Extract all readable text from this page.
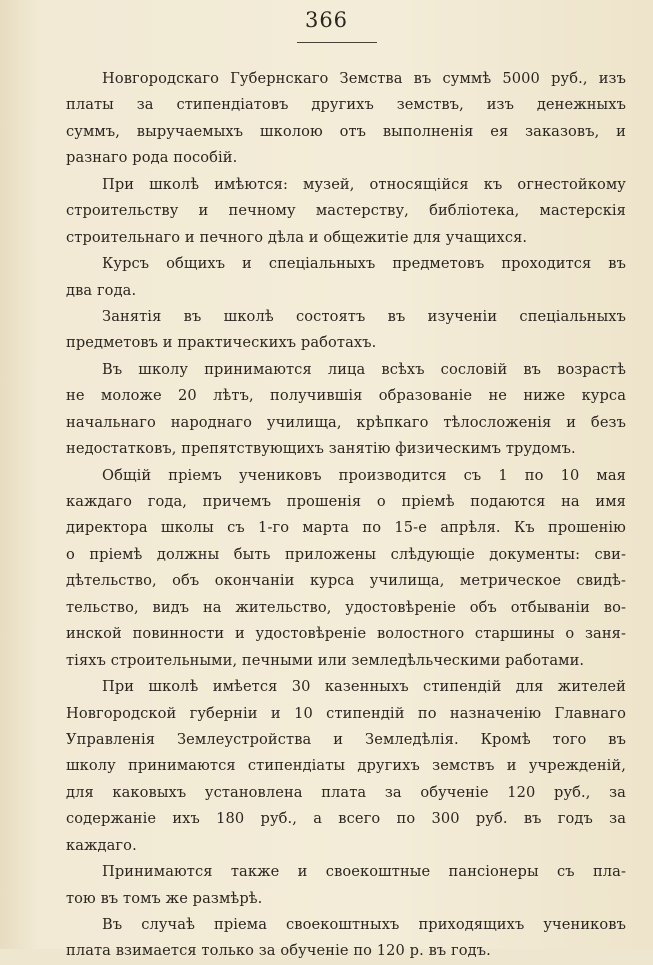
366
Новгородскаго Губернскаго Земства въ суммѣ 5000 руб., изъ
платы за стипендіатовъ другихъ земствъ, изъ денежныхъ
суммъ, выручаемыхъ школою отъ выполненія ея заказовъ, и
разнаго рода пособій.
При школѣ имѣются: музей, относящійся къ огнестойкому
строительству и печному мастерству, библіотека, мастерскія
строительнаго и печного дѣла и общежитіе для учащихся.
Курсъ общихъ и спеціальныхъ предметовъ проходится въ
два года.
Занятія въ школѣ состоятъ въ изученіи спеціальныхъ
предметовъ и практическихъ работахъ.
Въ школу принимаются лица всѣхъ сословій въ возрастѣ
не моложе 20 лѣтъ, получившія образованіе не ниже курса
начальнаго народнаго училища, крѣпкаго тѣлосложенія и безъ
недостатковъ, препятствующихъ занятію физическимъ трудомъ.
Общій пріемъ учениковъ производится съ 1 по 10 мая
каждаго года, причемъ прошенія о пріемѣ подаются на имя
директора школы съ 1-го марта по 15-е апрѣля. Къ прошенію
о пріемѣ должны быть приложены слѣдующіе документы: сви-
дѣтельство, объ окончаніи курса училища, метрическое свидѣ-
тельство, видъ на жительство, удостовѣреніе объ отбываніи во-
инской повинности и удостовѣреніе волостного старшины о заня-
тіяхъ строительными, печными или земледѣльческими работами.
При школѣ имѣется 30 казенныхъ стипендій для жителей
Новгородской губерніи и 10 стипендій по назначенію Главнаго
Управленія Землеустройства и Земледѣлія. Кромѣ того въ
школу принимаются стипендіаты другихъ земствъ и учрежденій,
для каковыхъ установлена плата за обученіе 120 руб., за
содержаніе ихъ 180 руб., а всего по 300 руб. въ годъ за
каждаго.
Принимаются также и своекоштные пансіонеры съ пла-
тою въ томъ же размѣрѣ.
Въ случаѣ пріема своекоштныхъ приходящихъ учениковъ
плата взимается только за обученіе по 120 р. въ годъ.
